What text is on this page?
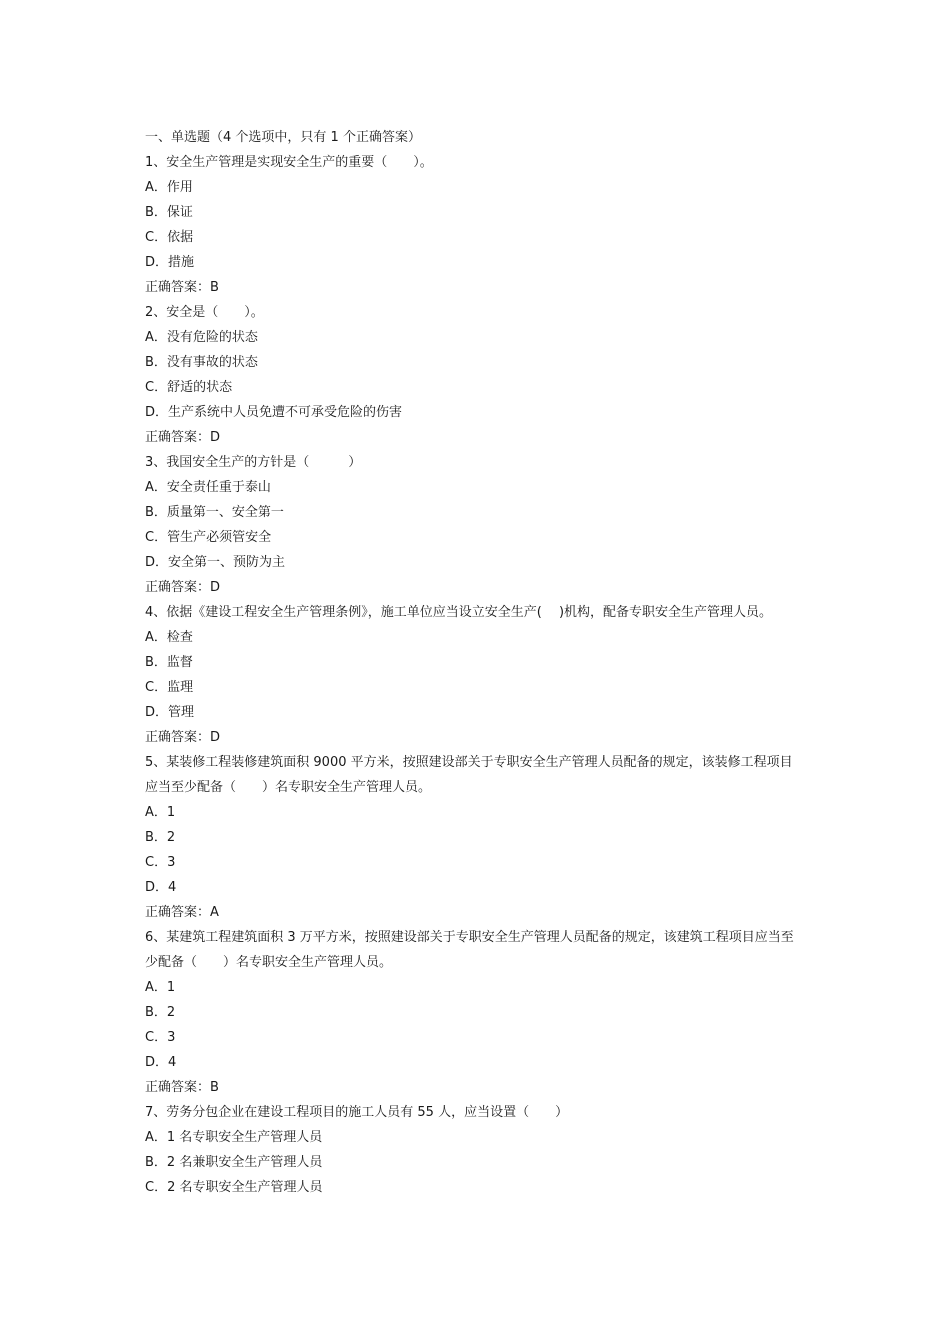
一、单选题（4 个选项中，只有 1 个正确答案）

1、安全生产管理是实现安全生产的重要（　　）。

A．作用

B．保证

C．依据

D．措施

正确答案：B

2、安全是（　　）。

A．没有危险的状态

B．没有事故的状态

C．舒适的状态

D．生产系统中人员免遭不可承受危险的伤害

正确答案：D

3、我国安全生产的方针是（　　　）

A．安全责任重于泰山

B．质量第一、安全第一

C．管生产必须管安全

D．安全第一、预防为主

正确答案：D

4、依据《建设工程安全生产管理条例》，施工单位应当设立安全生产(　 )机构，配备专职安全生产管理人员。

A．检查

B．监督

C．监理

D．管理

正确答案：D

5、某装修工程装修建筑面积 9000 平方米，按照建设部关于专职安全生产管理人员配备的规定，该装修工程项目应当至少配备（　　）名专职安全生产管理人员。

A．1

B．2

C．3

D．4

正确答案：A

6、某建筑工程建筑面积 3 万平方米，按照建设部关于专职安全生产管理人员配备的规定，该建筑工程项目应当至少配备（　　）名专职安全生产管理人员。

A．1

B．2

C．3

D．4

正确答案：B

7、劳务分包企业在建设工程项目的施工人员有 55 人，应当设置（　　）

A．1 名专职安全生产管理人员

B．2 名兼职安全生产管理人员

C．2 名专职安全生产管理人员
